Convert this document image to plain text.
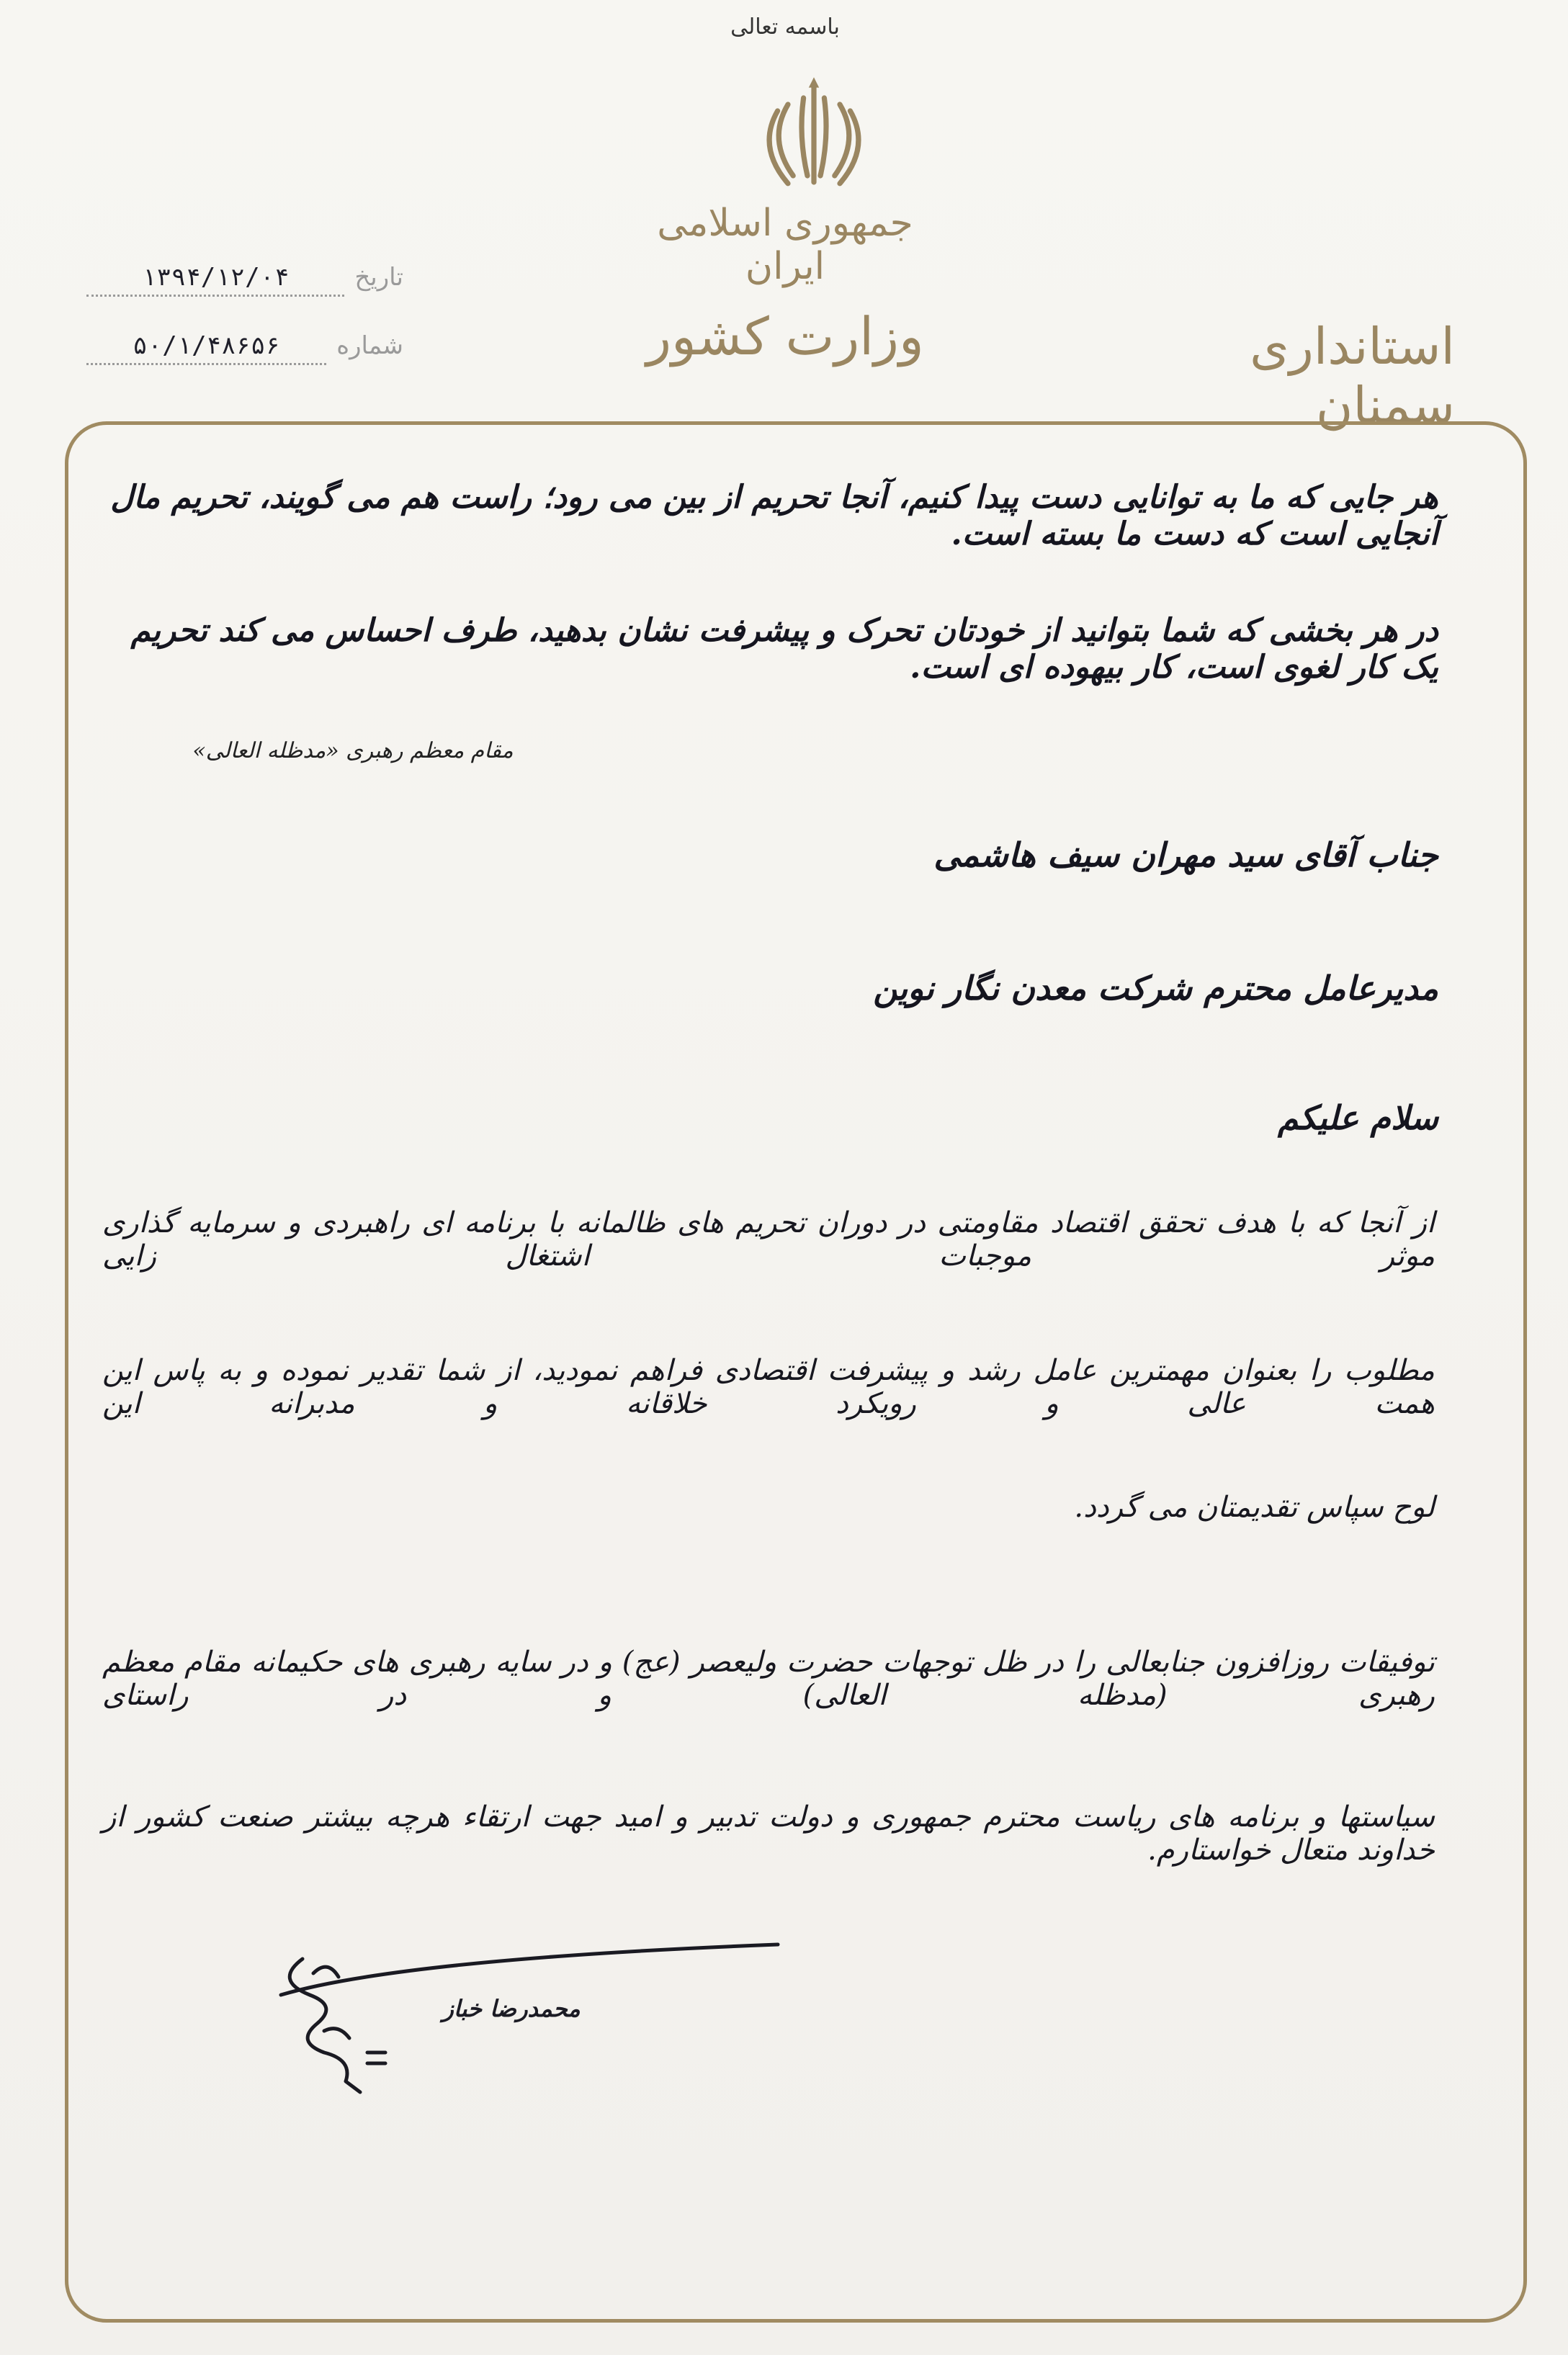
باسمه تعالی
جمهوری اسلامی ایران
وزارت کشور	استانداری سمنان
تاریخ
۱۳۹۴/۱۲/۰۴
شماره
۵۰/۱/۴۸۶۵۶
هر جایی که ما به توانایی دست پیدا کنیم، آنجا تحریم از بین می رود؛ راست هم می گویند، تحریم مال آنجایی است که دست ما بسته است.
در هر بخشی که شما بتوانید از خودتان تحرک و پیشرفت نشان بدهید، طرف احساس می کند تحریم یک کار لغوی است، کار بیهوده ای است.
مقام معظم رهبری «مدظله العالی»
جناب آقای سید مهران سیف هاشمی
مدیرعامل محترم شرکت معدن نگار نوین
سلام علیکم
از آنجا که با هدف تحقق اقتصاد مقاومتی در دوران تحریم های ظالمانه با برنامه ای راهبردی و سرمایه گذاری موثر موجبات اشتغال زایی
مطلوب را بعنوان مهمترین عامل رشد و پیشرفت اقتصادی فراهم نمودید، از شما تقدیر نموده و به پاس این همت عالی و رویکرد خلاقانه و مدبرانه این
لوح سپاس تقدیمتان می گردد.
توفیقات روزافزون جنابعالی را در ظل توجهات حضرت ولیعصر (عج) و در سایه رهبری های حکیمانه مقام معظم رهبری (مدظله العالی) و در راستای
سیاستها و برنامه های ریاست محترم جمهوری و دولت تدبیر و امید جهت ارتقاء هرچه بیشتر صنعت کشور از خداوند متعال خواستارم.
محمدرضا خباز
